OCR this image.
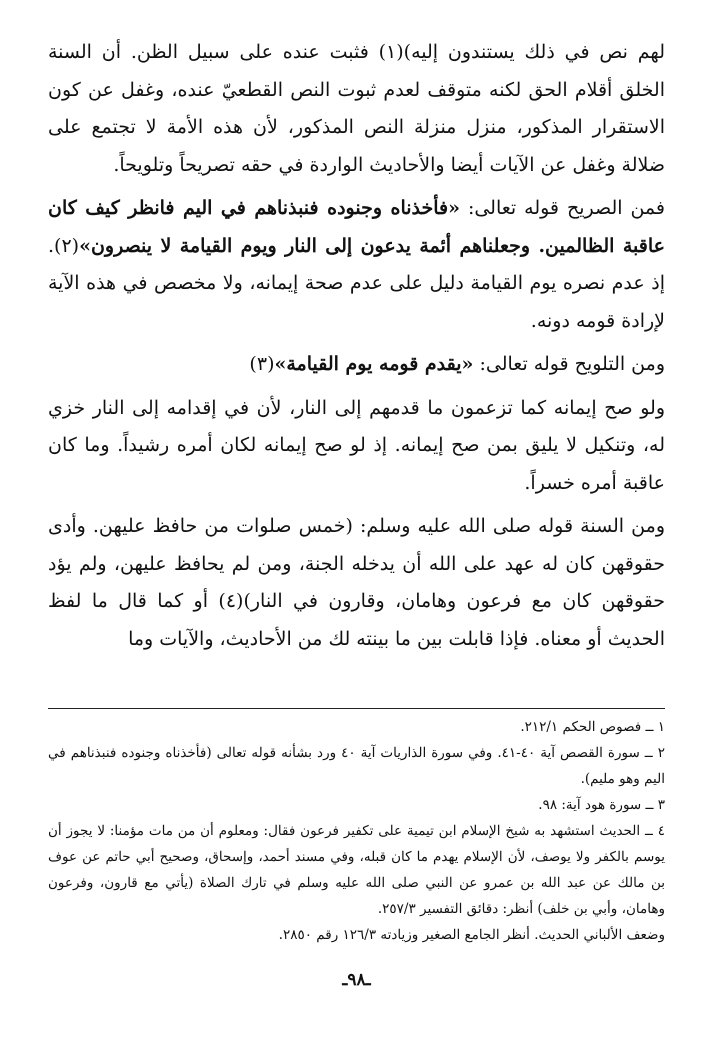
لهم نص في ذلك يستندون إليه)(١) فثبت عنده على سبيل الظن. أن السنة الخلق أقلام الحق لكنه متوقف لعدم ثبوت النص القطعيّ عنده، وغفل عن كون الاستقرار المذكور، منزل منزلة النص المذكور، لأن هذه الأمة لا تجتمع على ضلالة وغفل عن الآيات أيضا والأحاديث الواردة في حقه تصريحاً وتلويحاً.

فمن الصريح قوله تعالى: «فأخذناه وجنوده فنبذناهم في اليم فانظر كيف كان عاقبة الظالمين. وجعلناهم أئمة يدعون إلى النار ويوم القيامة لا ينصرون»(٢). إذ عدم نصره يوم القيامة دليل على عدم صحة إيمانه، ولا مخصص في هذه الآية لإرادة قومه دونه.

ومن التلويح قوله تعالى: «يقدم قومه يوم القيامة»(٣)

ولو صح إيمانه كما تزعمون ما قدمهم إلى النار، لأن في إقدامه إلى النار خزي له، وتنكيل لا يليق بمن صح إيمانه. إذ لو صح إيمانه لكان أمره رشيداً. وما كان عاقبة أمره خسراً.

ومن السنة قوله صلى الله عليه وسلم: (خمس صلوات من حافظ عليهن. وأدى حقوقهن كان له عهد على الله أن يدخله الجنة، ومن لم يحافظ عليهن، ولم يؤد حقوقهن كان مع فرعون وهامان، وقارون في النار)(٤) أو كما قال ما لفظ الحديث أو معناه. فإذا قابلت بين ما بينته لك من الأحاديث، والآيات وما

١ ــ فصوص الحكم ٢١٢/١.

٢ ــ سورة القصص آية ٤٠-٤١. وفي سورة الذاريات آية ٤٠ ورد بشأنه قوله تعالى (فأخذناه وجنوده فنبذناهم في اليم وهو مليم).

٣ ــ سورة هود آية: ٩٨.

٤ ــ الحديث استشهد به شيخ الإسلام ابن تيمية على تكفير فرعون فقال: ومعلوم أن من مات مؤمنا: لا يجوز أن يوسم بالكفر ولا يوصف، لأن الإسلام يهدم ما كان قبله، وفي مسند أحمد، وإسحاق، وصحيح أبي حاتم عن عوف بن مالك عن عبد الله بن عمرو عن النبي صلى الله عليه وسلم في تارك الصلاة (يأتي مع قارون، وفرعون وهامان، وأبي بن خلف) أنظر: دقائق التفسير ٢٥٧/٣.

وضعف الألباني الحديث. أنظر الجامع الصغير وزيادته ١٢٦/٣ رقم ٢٨٥٠.

ـ٩٨ـ
